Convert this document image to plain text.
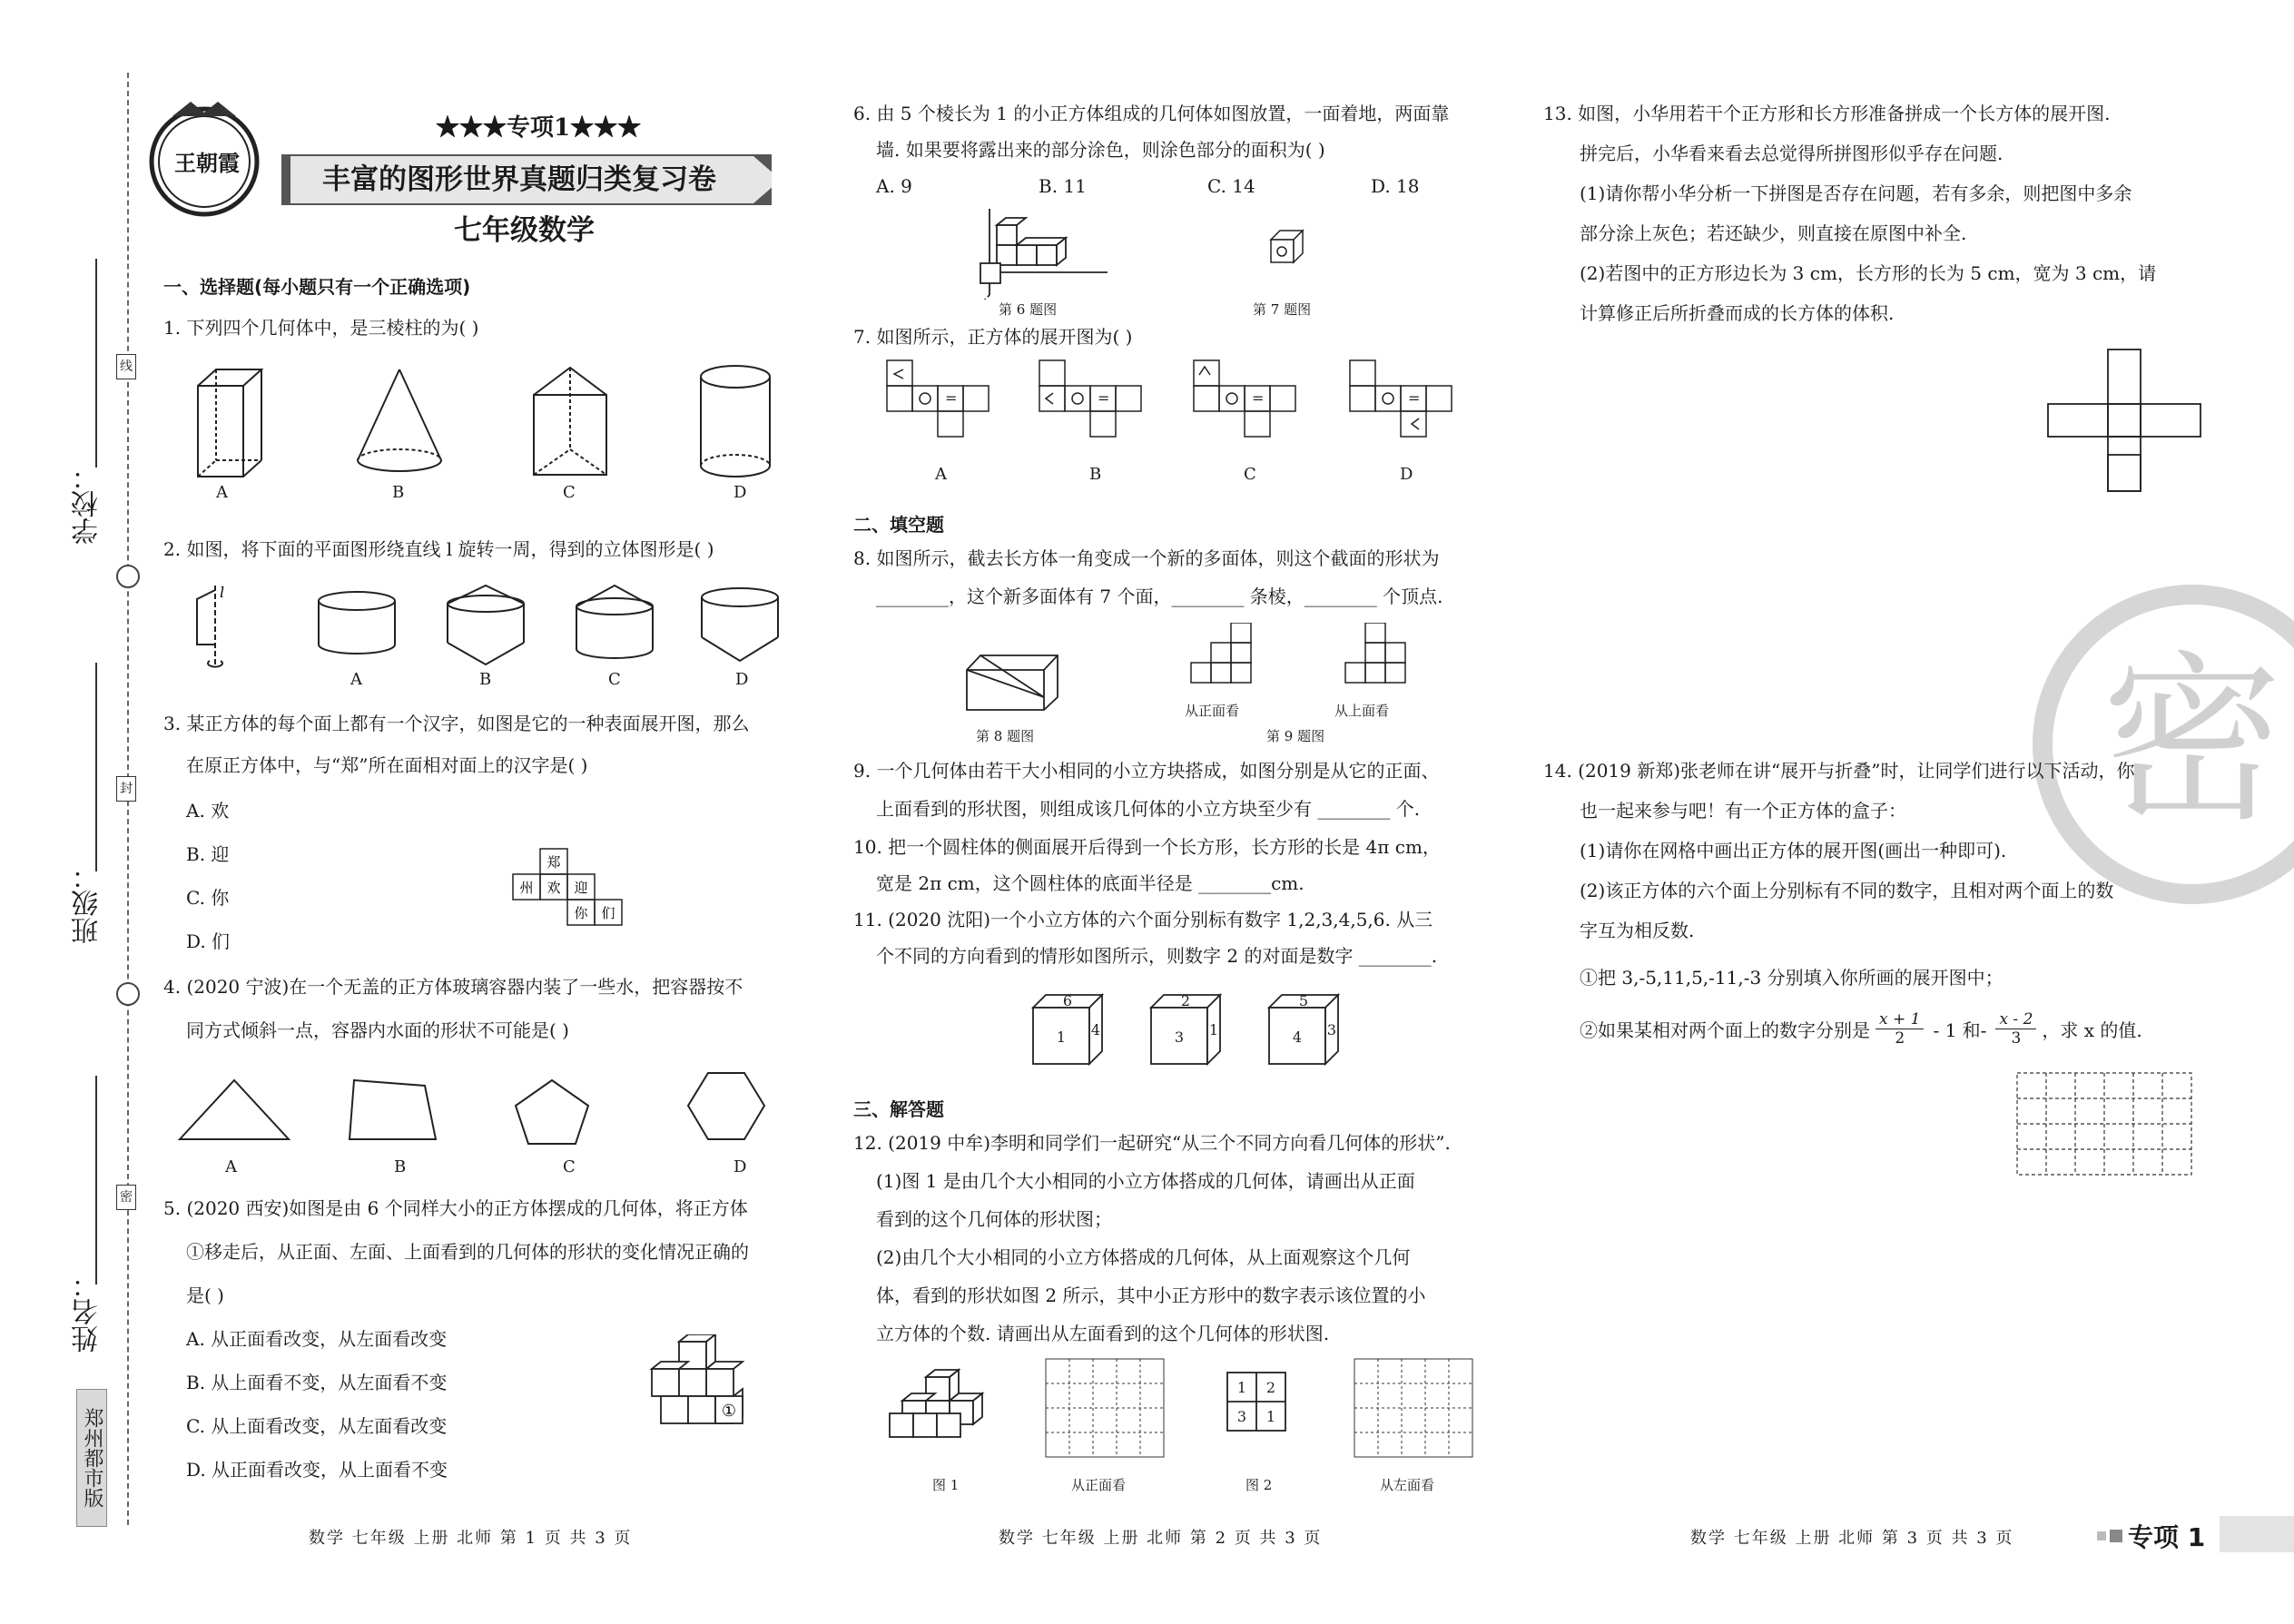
线
封
密
学校：
班级：
姓名：
郑州都市版
王朝霞
★★★专项1★★★
丰富的图形世界真题归类复习卷
七年级数学
一、选择题(每小题只有一个正确选项)
1. 下列四个几何体中，是三棱柱的为( )
A	B	C	D
2. 如图，将下面的平面图形绕直线 l 旋转一周，得到的立体图形是( )
l
A	B	C	D
3. 某正方体的每个面上都有一个汉字，如图是它的一种表面展开图，那么
在原正方体中，与“郑”所在面相对面上的汉字是( )
A. 欢
B. 迎
C. 你
D. 们
郑
州 欢 迎
你 们
4. (2020 宁波)在一个无盖的正方体玻璃容器内装了一些水，把容器按不
同方式倾斜一点，容器内水面的形状不可能是( )
A	B	C	D
5. (2020 西安)如图是由 6 个同样大小的正方体摆成的几何体，将正方体
①移走后，从正面、左面、上面看到的几何体的形状的变化情况正确的
是( )
A. 从正面看改变，从左面看改变
B. 从上面看不变，从左面看不变
C. 从上面看改变，从左面看改变
D. 从正面看改变，从上面看不变
①
数学 七年级 上册 北师 第 1 页 共 3 页
6. 由 5 个棱长为 1 的小正方体组成的几何体如图放置，一面着地，两面靠
墙. 如果要将露出来的部分涂色，则涂色部分的面积为( )
A. 9	B. 11	C. 14	D. 18
第 6 题图	第 7 题图
7. 如图所示，正方体的展开图为( )
=	=	=	=
A	B	C	D
二、填空题
8. 如图所示，截去长方体一角变成一个新的多面体，则这个截面的形状为
________，这个新多面体有 7 个面，________ 条棱，________ 个顶点.
第 8 题图
从正面看	从上面看
第 9 题图
9. 一个几何体由若干大小相同的小立方块搭成，如图分别是从它的正面、
上面看到的形状图，则组成该几何体的小立方块至少有 ________ 个.
10. 把一个圆柱体的侧面展开后得到一个长方形，长方形的长是 4π cm，
宽是 2π cm，这个圆柱体的底面半径是 ________cm.
11. (2020 沈阳)一个小立方体的六个面分别标有数字 1,2,3,4,5,6. 从三
个不同的方向看到的情形如图所示，则数字 2 的对面是数字 ________.
6
1 4
2
3 1
5
4 3
三、解答题
12. (2019 中牟)李明和同学们一起研究“从三个不同方向看几何体的形状”.
(1)图 1 是由几个大小相同的小立方体搭成的几何体，请画出从正面
看到的这个几何体的形状图；
(2)由几个大小相同的小立方体搭成的几何体，从上面观察这个几何
体，看到的形状如图 2 所示，其中小正方形中的数字表示该位置的小
立方体的个数. 请画出从左面看到的这个几何体的形状图.
1 2
3 1
图 1	从正面看	图 2	从左面看
数学 七年级 上册 北师 第 2 页 共 3 页
13. 如图，小华用若干个正方形和长方形准备拼成一个长方体的展开图.
拼完后，小华看来看去总觉得所拼图形似乎存在问题.
(1)请你帮小华分析一下拼图是否存在问题，若有多余，则把图中多余
部分涂上灰色；若还缺少，则直接在原图中补全.
(2)若图中的正方形边长为 3 cm，长方形的长为 5 cm，宽为 3 cm，请
计算修正后所折叠而成的长方体的体积.
密
14. (2019 新郑)张老师在讲“展开与折叠”时，让同学们进行以下活动，你
也一起来参与吧！有一个正方体的盒子：
(1)请你在网格中画出正方体的展开图(画出一种即可).
(2)该正方体的六个面上分别标有不同的数字，且相对两个面上的数
字互为相反数.
①把 3,-5,11,5,-11,-3 分别填入你所画的展开图中；
②如果某相对两个面上的数字分别是 x + 1
2 - 1 和- x - 2
3 ，求 x 的值.
数学 七年级 上册 北师 第 3 页 共 3 页	专项 1
